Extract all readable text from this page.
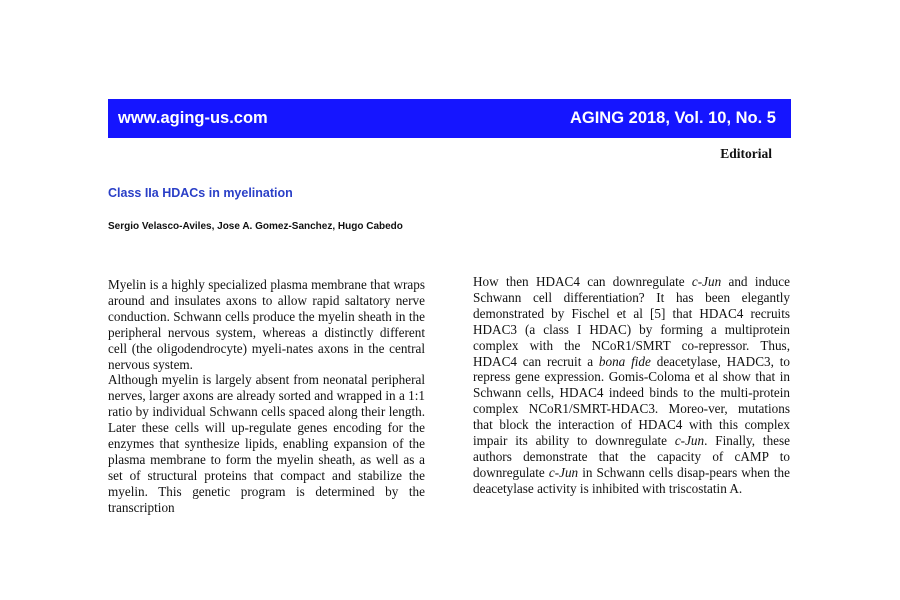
www.aging-us.com	AGING 2018, Vol. 10, No. 5
Editorial
Class IIa HDACs in myelination
Sergio Velasco-Aviles, Jose A. Gomez-Sanchez, Hugo Cabedo

Myelin is a highly specialized plasma membrane that wraps around and insulates axons to allow rapid saltatory nerve conduction. Schwann cells produce the myelin sheath in the peripheral nervous system, whereas a distinctly different cell (the oligodendrocyte) myeli-nates axons in the central nervous system.

Although myelin is largely absent from neonatal peripheral nerves, larger axons are already sorted and wrapped in a 1:1 ratio by individual Schwann cells spaced along their length. Later these cells will up-regulate genes encoding for the enzymes that synthesize lipids, enabling expansion of the plasma membrane to form the myelin sheath, as well as a set of structural proteins that compact and stabilize the myelin. This genetic program is determined by the transcription

How then HDAC4 can downregulate c-Jun and induce Schwann cell differentiation? It has been elegantly demonstrated by Fischel et al [5] that HDAC4 recruits HDAC3 (a class I HDAC) by forming a multiprotein complex with the NCoR1/SMRT co-repressor. Thus, HDAC4 can recruit a bona fide deacetylase, HADC3, to repress gene expression. Gomis-Coloma et al show that in Schwann cells, HDAC4 indeed binds to the multi-protein complex NCoR1/SMRT-HDAC3. Moreo-ver, mutations that block the interaction of HDAC4 with this complex impair its ability to downregulate c-Jun. Finally, these authors demonstrate that the capacity of cAMP to downregulate c-Jun in Schwann cells disap-pears when the deacetylase activity is inhibited with triscostatin A.
